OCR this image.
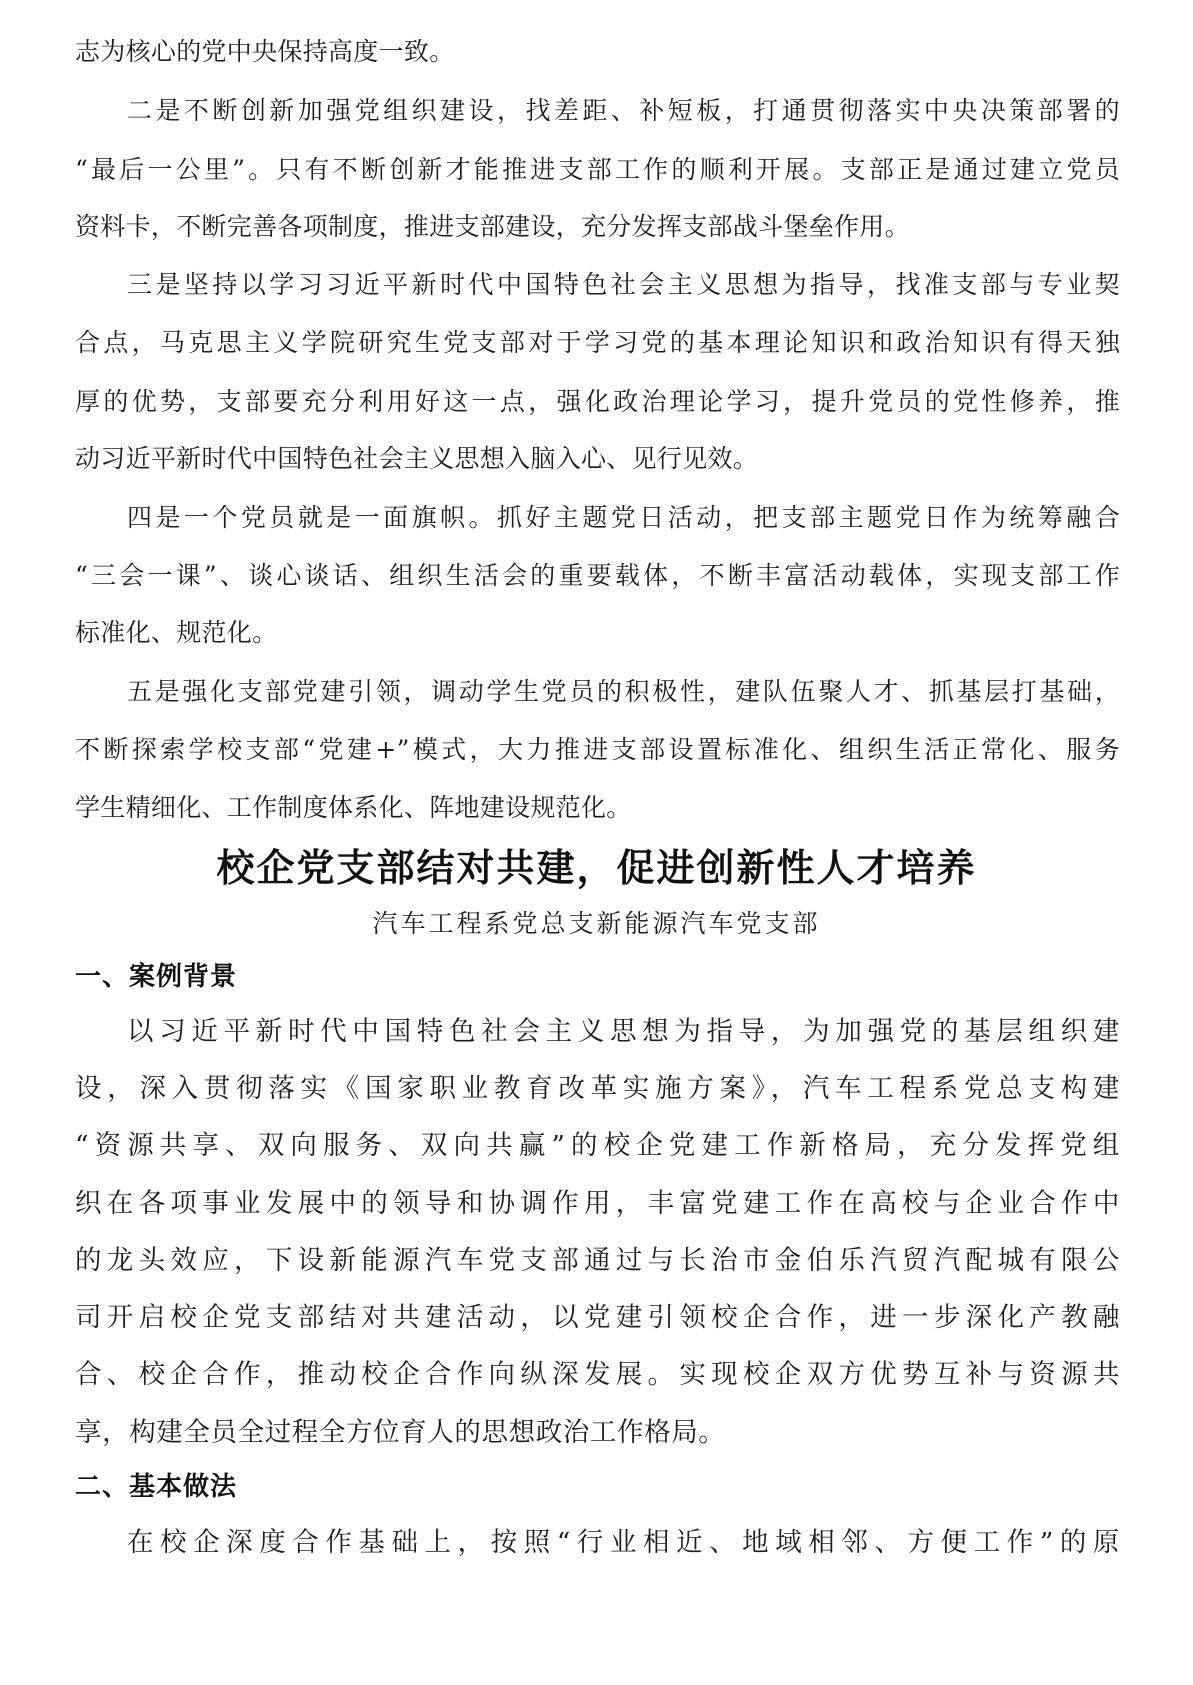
志为核心的党中央保持高度一致。
二是不断创新加强党组织建设，找差距、补短板，打通贯彻落实中央决策部署的
“最后一公里”。只有不断创新才能推进支部工作的顺利开展。支部正是通过建立党员
资料卡，不断完善各项制度，推进支部建设，充分发挥支部战斗堡垒作用。
三是坚持以学习习近平新时代中国特色社会主义思想为指导，找准支部与专业契
合点，马克思主义学院研究生党支部对于学习党的基本理论知识和政治知识有得天独
厚的优势，支部要充分利用好这一点，强化政治理论学习，提升党员的党性修养，推
动习近平新时代中国特色社会主义思想入脑入心、见行见效。
四是一个党员就是一面旗帜。抓好主题党日活动，把支部主题党日作为统筹融合
“三会一课”、谈心谈话、组织生活会的重要载体，不断丰富活动载体，实现支部工作
标准化、规范化。
五是强化支部党建引领，调动学生党员的积极性，建队伍聚人才、抓基层打基础，
不断探索学校支部“党建+”模式，大力推进支部设置标准化、组织生活正常化、服务
学生精细化、工作制度体系化、阵地建设规范化。
校企党支部结对共建，促进创新性人才培养
汽车工程系党总支新能源汽车党支部
一、案例背景
以习近平新时代中国特色社会主义思想为指导，为加强党的基层组织建
设，深入贯彻落实《国家职业教育改革实施方案》，汽车工程系党总支构建
“资源共享、双向服务、双向共赢”的校企党建工作新格局，充分发挥党组
织在各项事业发展中的领导和协调作用，丰富党建工作在高校与企业合作中
的龙头效应，下设新能源汽车党支部通过与长治市金伯乐汽贸汽配城有限公
司开启校企党支部结对共建活动，以党建引领校企合作，进一步深化产教融
合、校企合作，推动校企合作向纵深发展。实现校企双方优势互补与资源共
享，构建全员全过程全方位育人的思想政治工作格局。
二、基本做法
在校企深度合作基础上，按照“行业相近、地域相邻、方便工作”的原
